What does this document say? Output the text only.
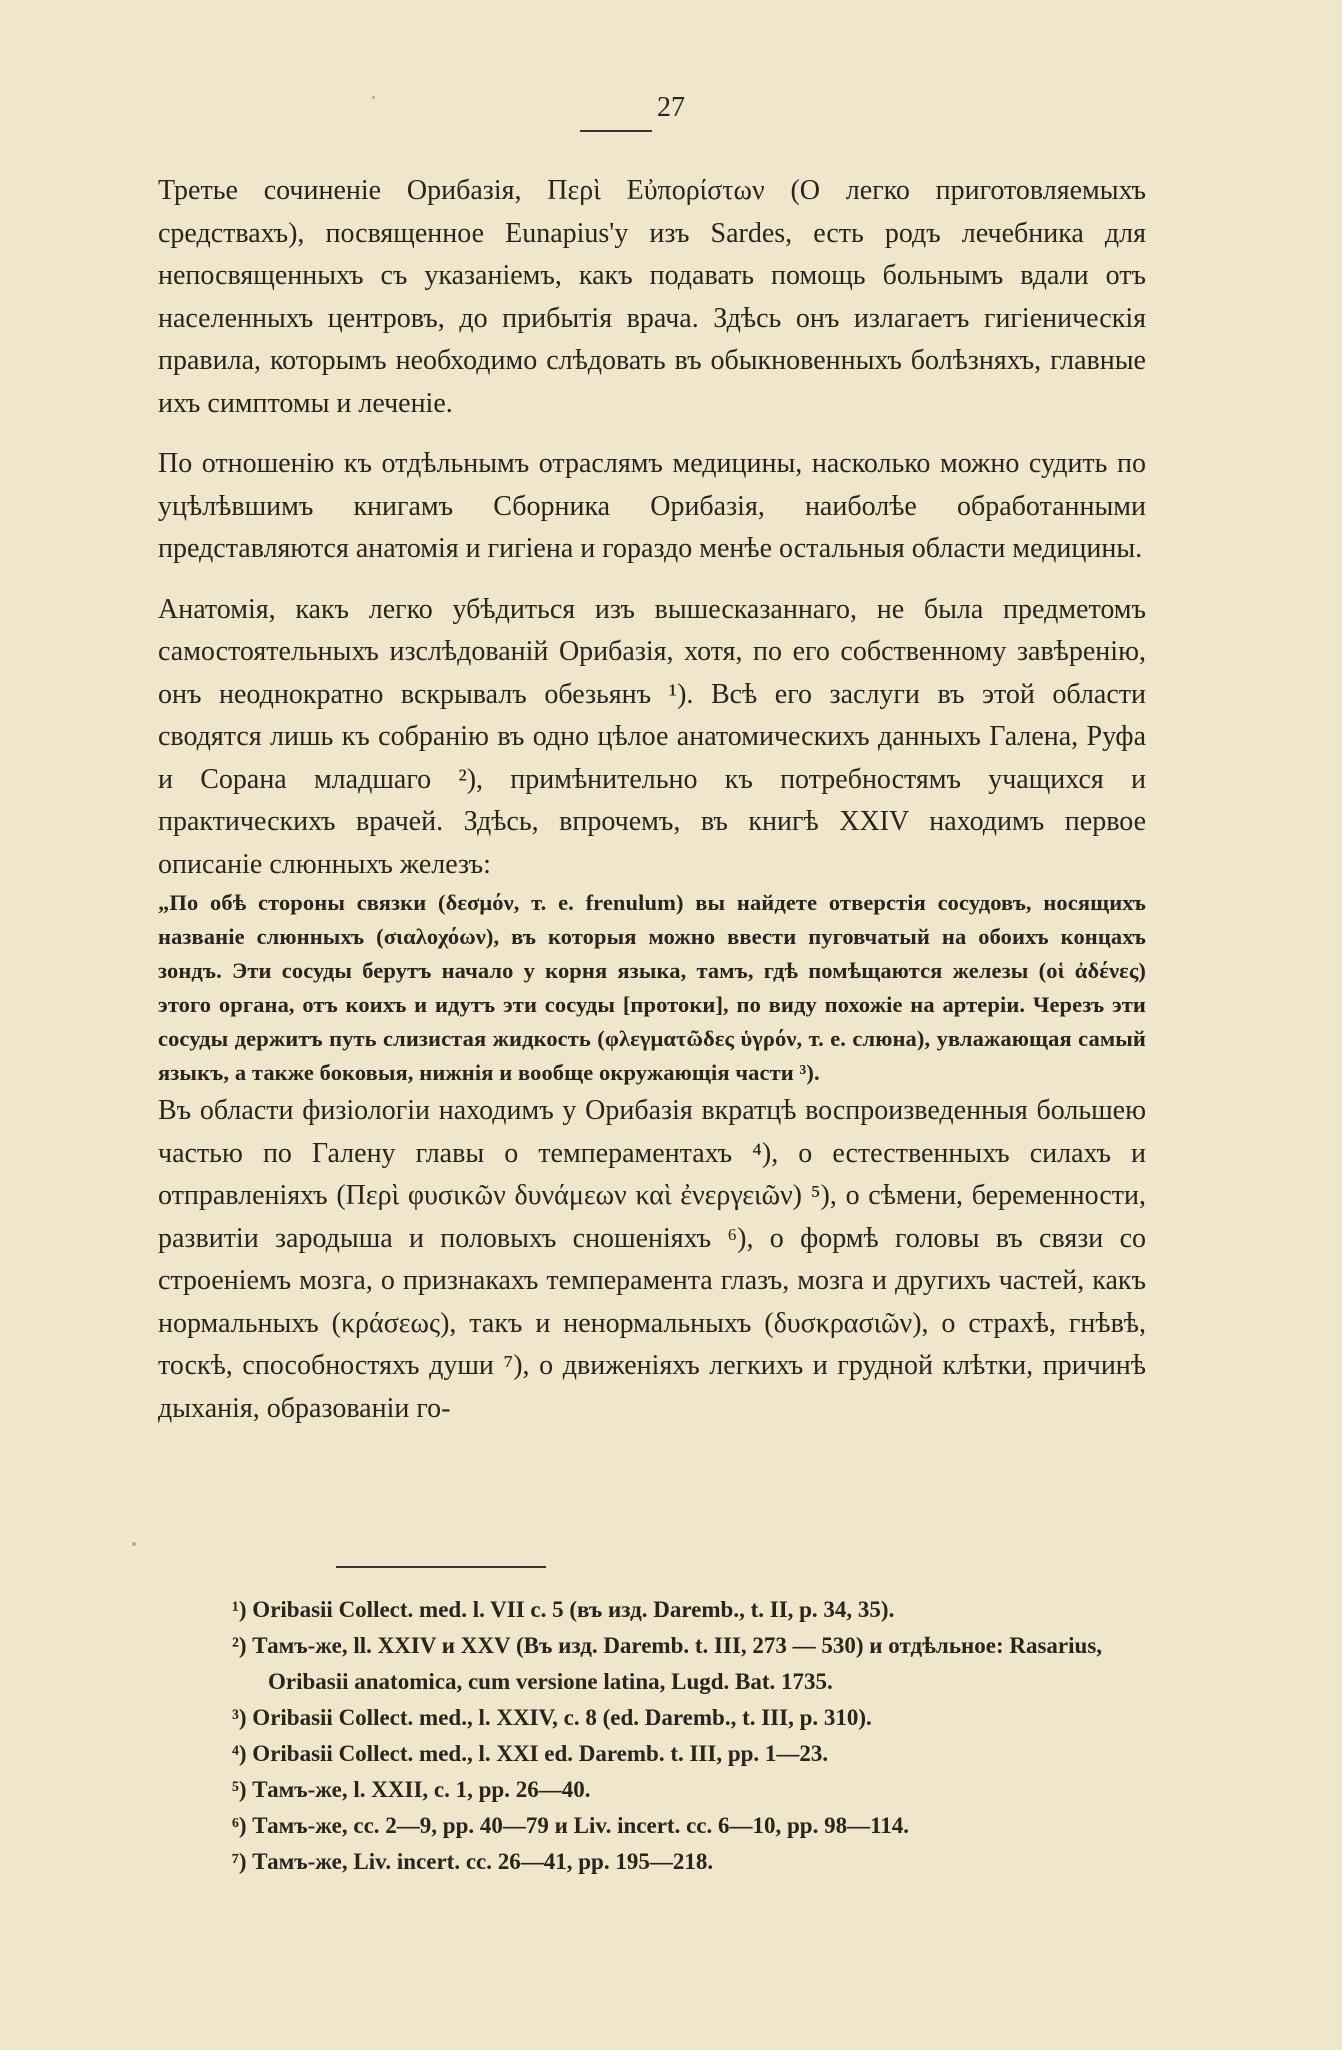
27

Третье сочиненіе Орибазія, Περὶ Εὐπορίστων (О легко приготовляемыхъ средствахъ), посвященное Eunapius'у изъ Sardes, есть родъ лечебника для непосвященныхъ съ указаніемъ, какъ подавать помощь больнымъ вдали отъ населенныхъ центровъ, до прибытія врача. Здѣсь онъ излагаетъ гигіеническія правила, которымъ необходимо слѣдовать въ обыкновенныхъ болѣзняхъ, главные ихъ симптомы и леченіе.

По отношенію къ отдѣльнымъ отраслямъ медицины, насколько можно судить по уцѣлѣвшимъ книгамъ Сборника Орибазія, наиболѣе обработанными представляются анатомія и гигіена и гораздо менѣе остальныя области медицины.

Анатомія, какъ легко убѣдиться изъ вышесказаннаго, не была предметомъ самостоятельныхъ изслѣдованій Орибазія, хотя, по его собственному завѣренію, онъ неоднократно вскрывалъ обезьянъ ¹). Всѣ его заслуги въ этой области сводятся лишь къ собранію въ одно цѣлое анатомическихъ данныхъ Галена, Руфа и Сорана младшаго ²), примѣнительно къ потребностямъ учащихся и практическихъ врачей. Здѣсь, впрочемъ, въ книгѣ XXIV находимъ первое описаніе слюнныхъ железъ:

„По обѣ стороны связки (δεσμόν, т. е. frenulum) вы найдете отверстія сосудовъ, носящихъ названіе слюнныхъ (σιαλοχόων), въ которыя можно ввести пуговчатый на обоихъ концахъ зондъ. Эти сосуды берутъ начало у корня языка, тамъ, гдѣ помѣщаются железы (οἱ ἀδένες) этого органа, отъ коихъ и идутъ эти сосуды [протоки], по виду похожіе на артеріи. Черезъ эти сосуды держитъ путь слизистая жидкость (φλεγματῶδες ὑγρόν, т. е. слюна), увлажающая самый языкъ, а также боковыя, нижнія и вообще окружающія части ³).

Въ области физіологіи находимъ у Орибазія вкратцѣ воспроизведенныя большею частью по Галену главы о темпераментахъ ⁴), о естественныхъ силахъ и отправленіяхъ (Περὶ φυσικῶν δυνάμεων καὶ ἐνεργειῶν) ⁵), о сѣмени, беременности, развитіи зародыша и половыхъ сношеніяхъ ⁶), о формѣ головы въ связи со строеніемъ мозга, о признакахъ темперамента глазъ, мозга и другихъ частей, какъ нормальныхъ (κράσεως), такъ и ненормальныхъ (δυσκρασιῶν), о страхѣ, гнѣвѣ, тоскѣ, способностяхъ души ⁷), о движеніяхъ легкихъ и грудной клѣтки, причинѣ дыханія, образованіи го-

¹) Oribasii Collect. med. l. VII c. 5 (въ изд. Daremb., t. II, p. 34, 35).
²) Тамъ-же, ll. XXIV и XXV (Въ изд. Daremb. t. III, 273 — 530) и отдѣльное: Rasarius, Oribasii anatomica, cum versione latina, Lugd. Bat. 1735.
³) Oribasii Collect. med., l. XXIV, c. 8 (ed. Daremb., t. III, p. 310).
⁴) Oribasii Collect. med., l. XXI ed. Daremb. t. III, pp. 1—23.
⁵) Тамъ-же, l. XXII, c. 1, pp. 26—40.
⁶) Тамъ-же, cc. 2—9, pp. 40—79 и Liv. incert. cc. 6—10, pp. 98—114.
⁷) Тамъ-же, Liv. incert. cc. 26—41, pp. 195—218.
